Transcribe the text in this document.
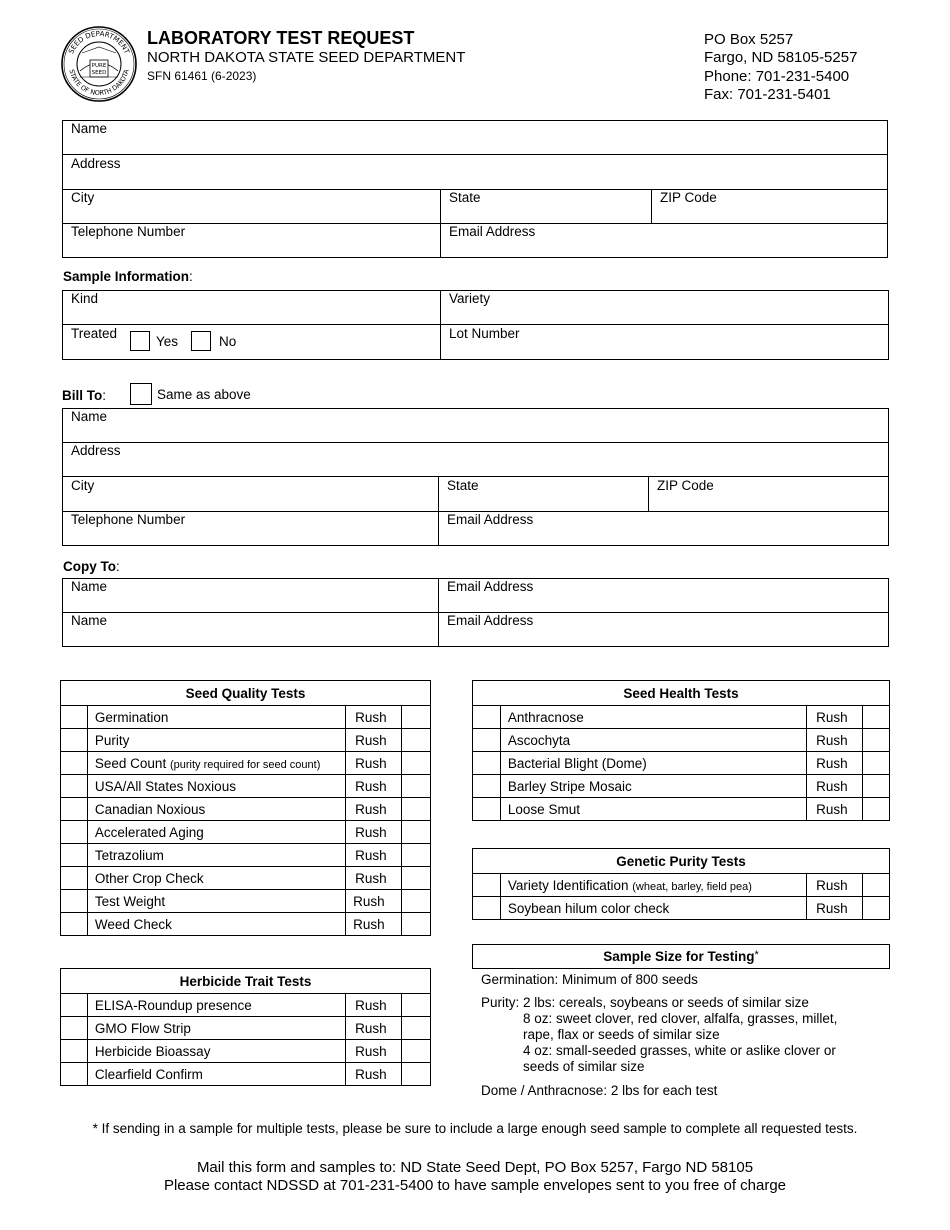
SEED DEPARTMENT
STATE OF NORTH DAKOTA
PURE
SEED
LABORATORY TEST REQUEST
NORTH DAKOTA STATE SEED DEPARTMENT
SFN 61461 (6-2023)
PO Box 5257
Fargo, ND 58105-5257
Phone: 701-231-5400
Fax: 701-231-5401
Name
Address
City	State	ZIP Code
Telephone Number	Email Address
Sample Information:
Kind	Variety
Treated
Yes	No
Lot Number
Bill To:	Same as above
Name
Address
City	State	ZIP Code
Telephone Number	Email Address
Copy To:
Name	Email Address
Name	Email Address
Seed Quality Tests			
	Germination	Rush	
	Purity	Rush	
	Seed Count (purity required for seed count)	Rush	
	USA/All States Noxious	Rush	
	Canadian Noxious	Rush	
	Accelerated Aging	Rush	
	Tetrazolium	Rush	
	Other Crop Check	Rush	
	Test Weight	Rush	
	Weed Check	Rush	
Herbicide Trait Tests			
	ELISA-Roundup presence	Rush	
	GMO Flow Strip	Rush	
	Herbicide Bioassay	Rush	
	Clearfield Confirm	Rush	
Seed Health Tests			
	Anthracnose	Rush	
	Ascochyta	Rush	
	Bacterial Blight (Dome)	Rush	
	Barley Stripe Mosaic	Rush	
	Loose Smut	Rush	
Genetic Purity Tests			
	Variety Identification (wheat, barley, field pea)	Rush	
	Soybean hilum color check	Rush	
Sample Size for Testing*
Germination: Minimum of 800 seeds
Purity: 2 lbs: cereals, soybeans or seeds of similar size
8 oz: sweet clover, red clover, alfalfa, grasses, millet,
rape, flax or seeds of similar size
4 oz: small-seeded grasses, white or aslike clover or
seeds of similar size
Dome / Anthracnose: 2 lbs for each test
* If sending in a sample for multiple tests, please be sure to include a large enough seed sample to complete all requested tests.
Mail this form and samples to: ND State Seed Dept, PO Box 5257, Fargo ND 58105
Please contact NDSSD at 701-231-5400 to have sample envelopes sent to you free of charge
